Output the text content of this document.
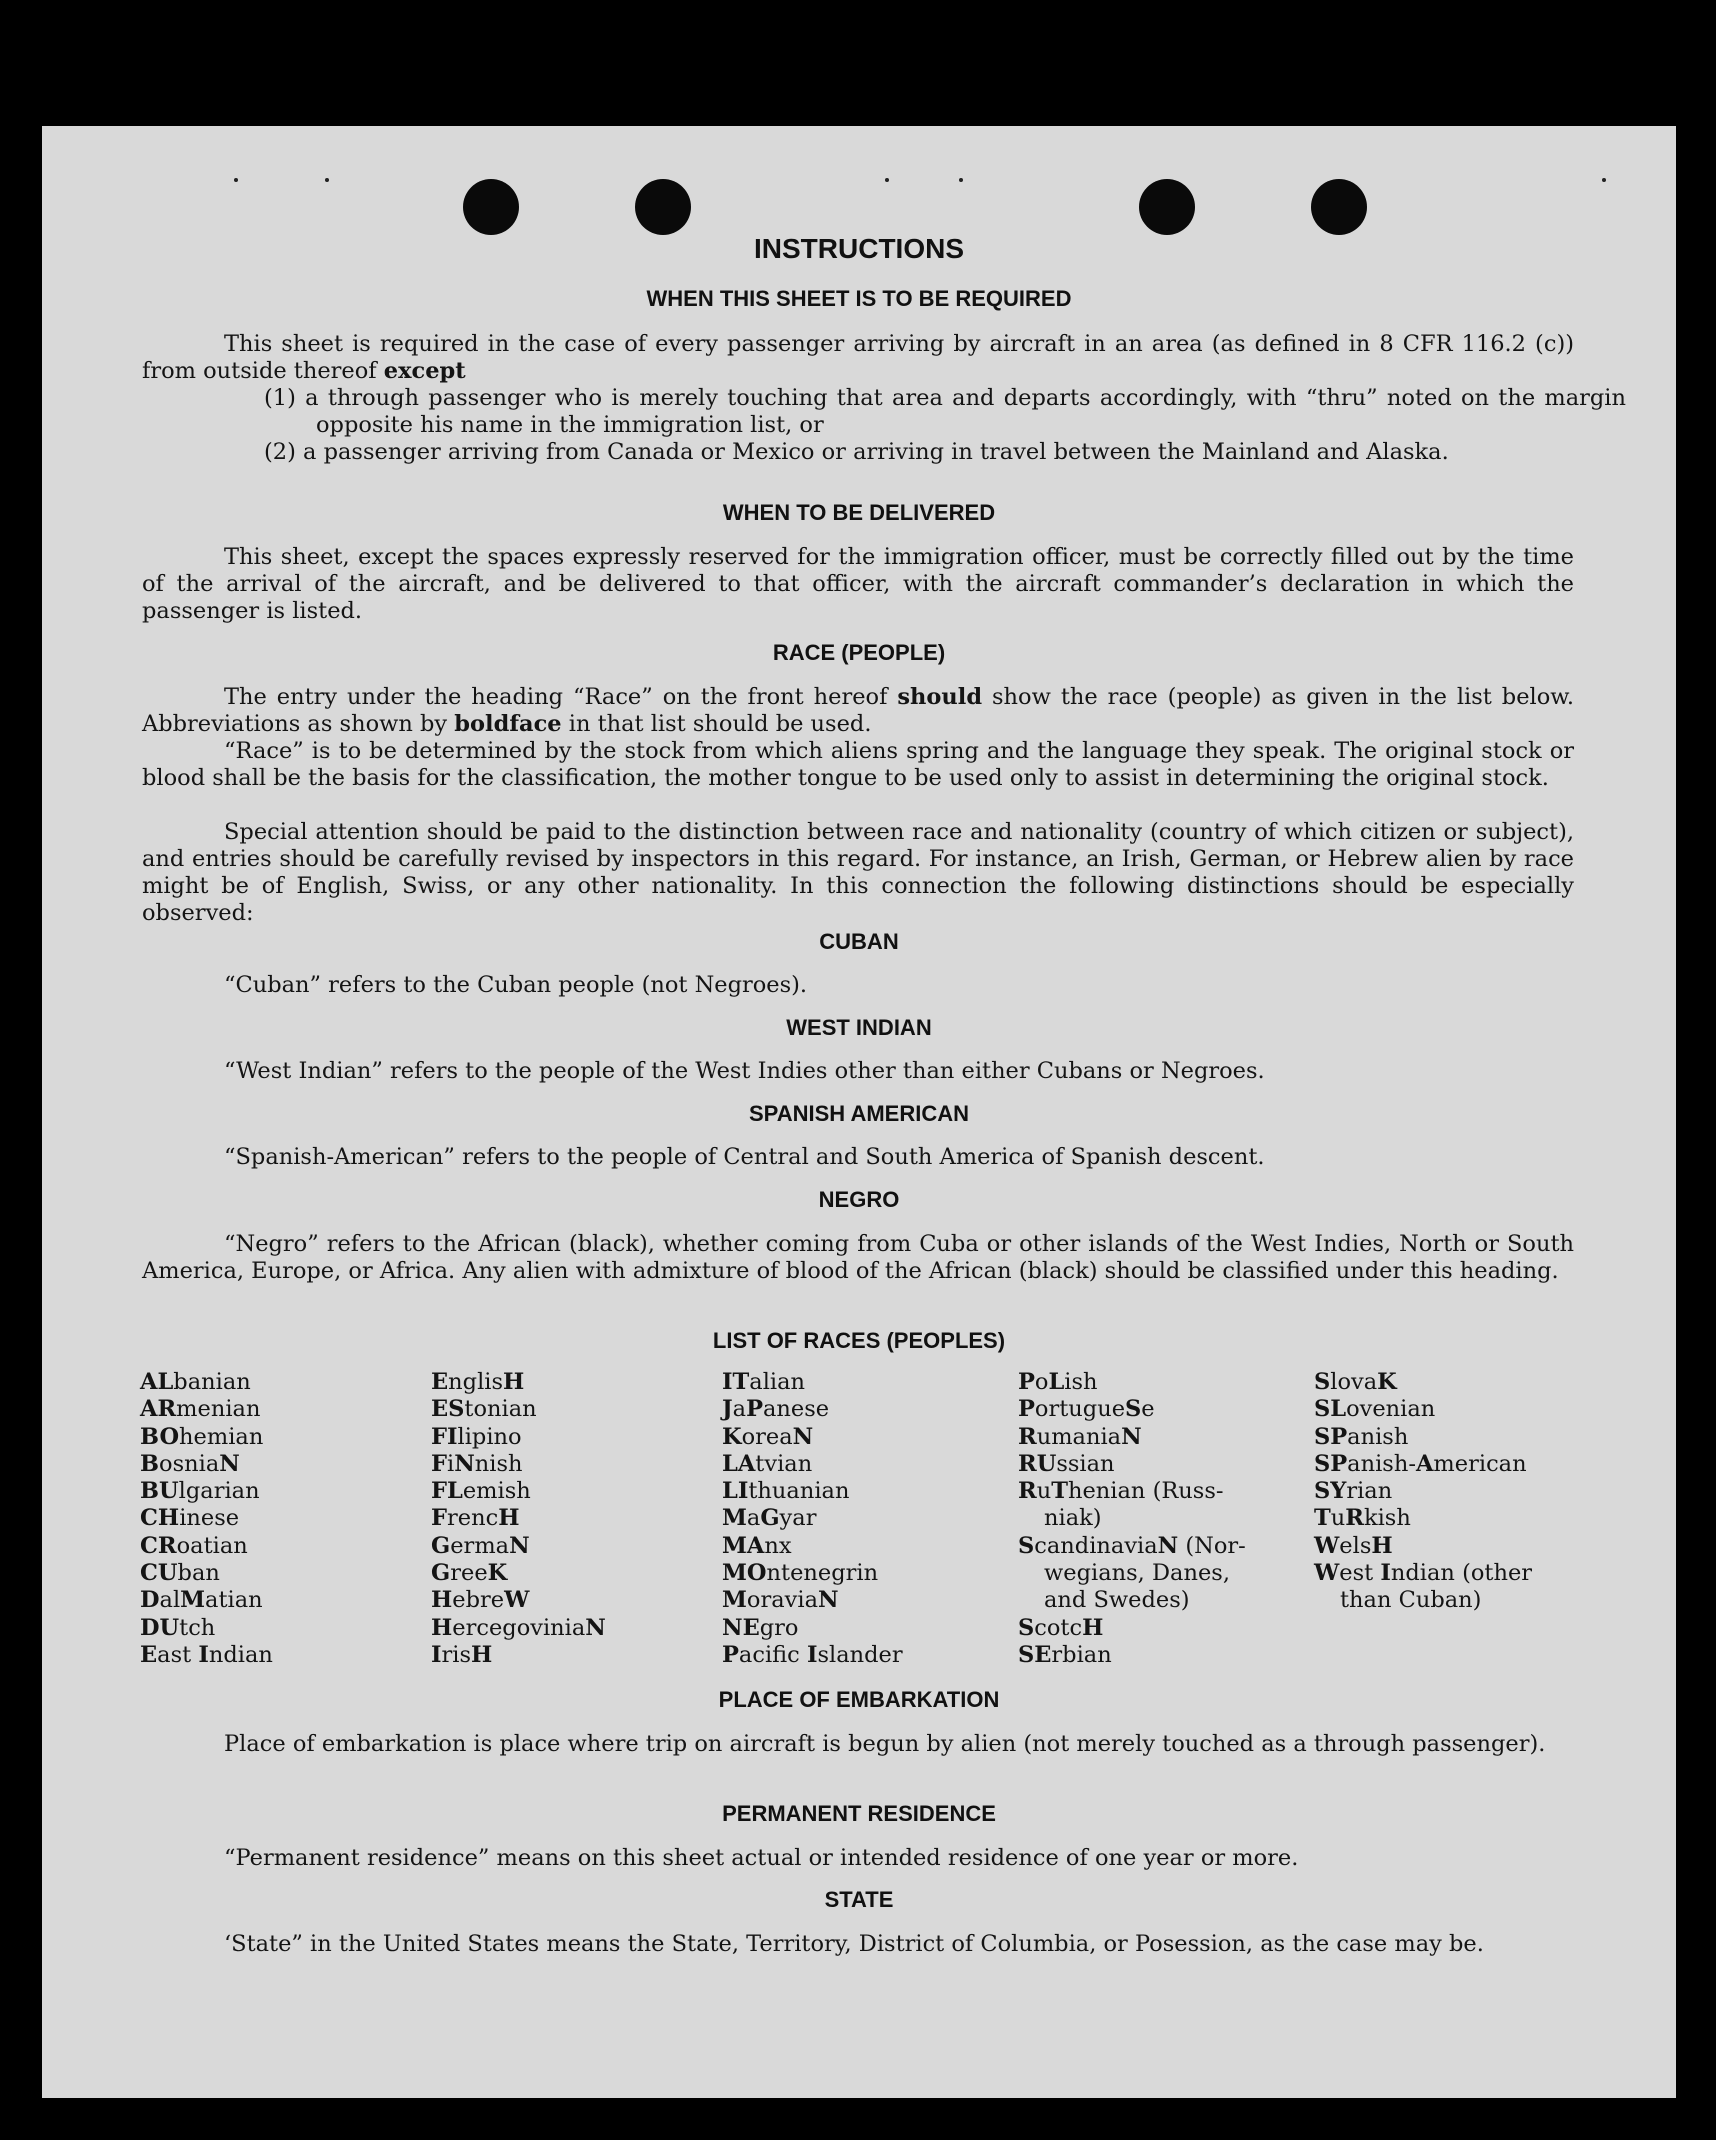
INSTRUCTIONS
WHEN THIS SHEET IS TO BE REQUIRED

This sheet is required in the case of every passenger arriving by aircraft in an area (as defined in 8 CFR 116.2 (c)) from outside thereof except

(1) a through passenger who is merely touching that area and departs accordingly, with “thru” noted on the margin opposite his name in the immigration list, or
(2) a passenger arriving from Canada or Mexico or arriving in travel between the Mainland and Alaska.
WHEN TO BE DELIVERED

This sheet, except the spaces expressly reserved for the immigration officer, must be correctly filled out by the time of the arrival of the aircraft, and be delivered to that officer, with the aircraft commander’s declaration in which the passenger is listed.

RACE (PEOPLE)

The entry under the heading “Race” on the front hereof should show the race (people) as given in the list below. Abbreviations as shown by boldface in that list should be used.

“Race” is to be determined by the stock from which aliens spring and the language they speak. The original stock or blood shall be the basis for the classification, the mother tongue to be used only to assist in determining the original stock.

Special attention should be paid to the distinction between race and nationality (country of which citizen or subject), and entries should be carefully revised by inspectors in this regard. For instance, an Irish, German, or Hebrew alien by race might be of English, Swiss, or any other nationality. In this connection the following distinctions should be especially observed:

CUBAN

“Cuban” refers to the Cuban people (not Negroes).

WEST INDIAN

“West Indian” refers to the people of the West Indies other than either Cubans or Negroes.

SPANISH AMERICAN

“Spanish-American” refers to the people of Central and South America of Spanish descent.

NEGRO

“Negro” refers to the African (black), whether coming from Cuba or other islands of the West Indies, North or South America, Europe, or Africa. Any alien with admixture of blood of the African (black) should be classified under this heading.

LIST OF RACES (PEOPLES)
ALbanian
ARmenian
BOhemian
BosniaN
BUlgarian
CHinese
CRoatian
CUban
DalMatian
DUtch
East Indian
EnglisH
EStonian
FIlipino
FiNnish
FLemish
FrencH
GermaN
GreeK
HebreW
HercegoviniaN
IrisH
ITalian
JaPanese
KoreaN
LAtvian
LIthuanian
MaGyar
MAnx
MOntenegrin
MoraviaN
NEgro
Pacifc Islander
PoLish
PortugueSe
RumaniaN
RUssian
RuThenian (Russ-
niak)
ScandinaviaN (Nor-
wegians, Danes,
and Swedes)
ScotcH
SErbian
SlovaK
SLovenian
SPanish
SPanish-American
SYrian
TuRkish
WelsH
West Indian (other
than Cuban)
PLACE OF EMBARKATION

Place of embarkation is place where trip on aircraft is begun by alien (not merely touched as a through passenger).

PERMANENT RESIDENCE

“Permanent residence” means on this sheet actual or intended residence of one year or more.

STATE

‘State” in the United States means the State, Territory, District of Columbia, or Posession, as the case may be.
